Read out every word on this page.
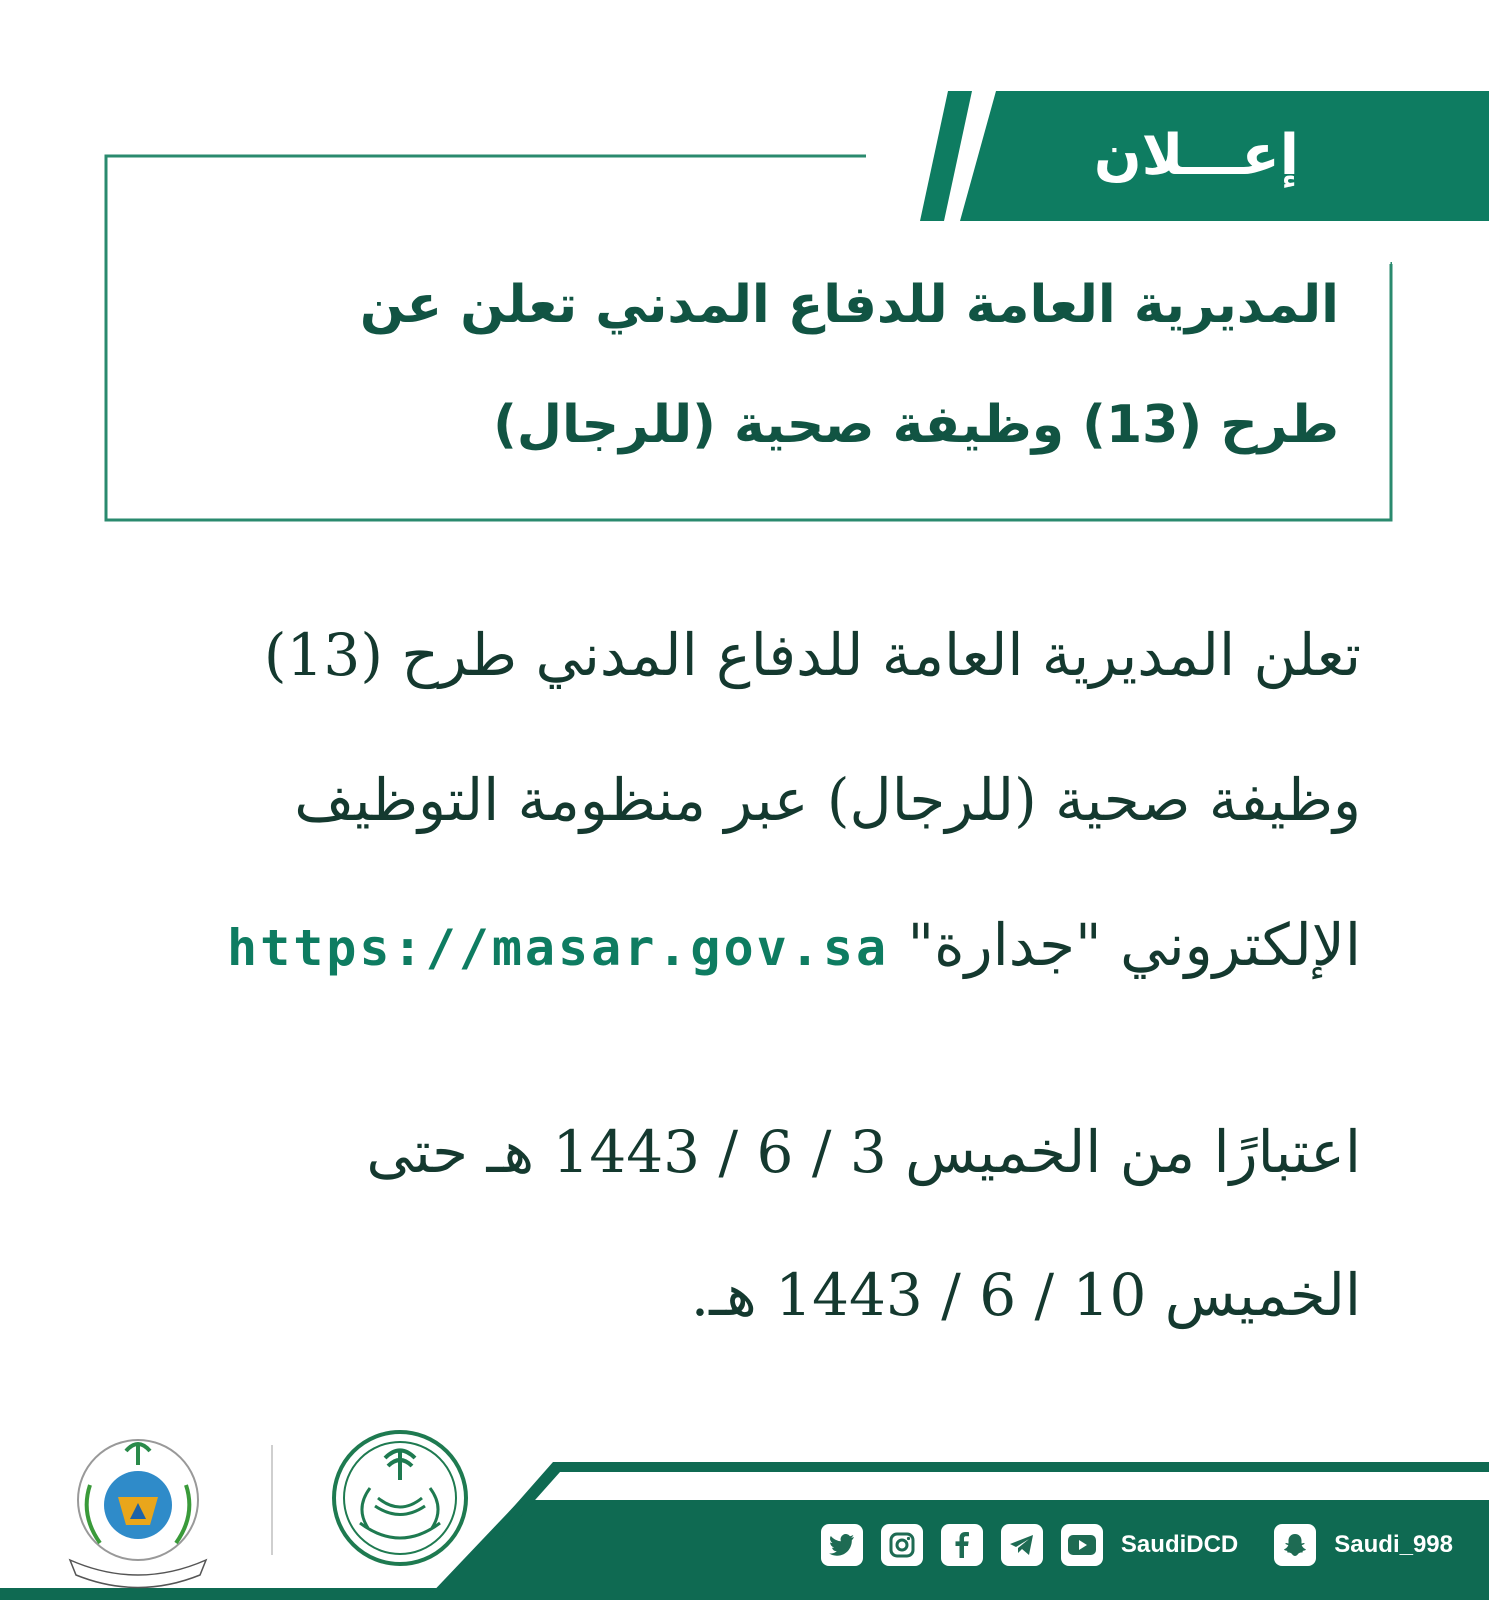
إعـــلان
المديرية العامة للدفاع المدني تعلن عن
طرح (13) وظيفة صحية (للرجال)
تعلن المديرية العامة للدفاع المدني طرح (13)
وظيفة صحية (للرجال) عبر منظومة التوظيف
الإلكتروني "جدارة" https://masar.gov.sa
اعتبارًا من الخميس 3 / 6 / 1443 هـ حتى
الخميس 10 / 6 / 1443 هـ.
SaudiDCD	Saudi_998
